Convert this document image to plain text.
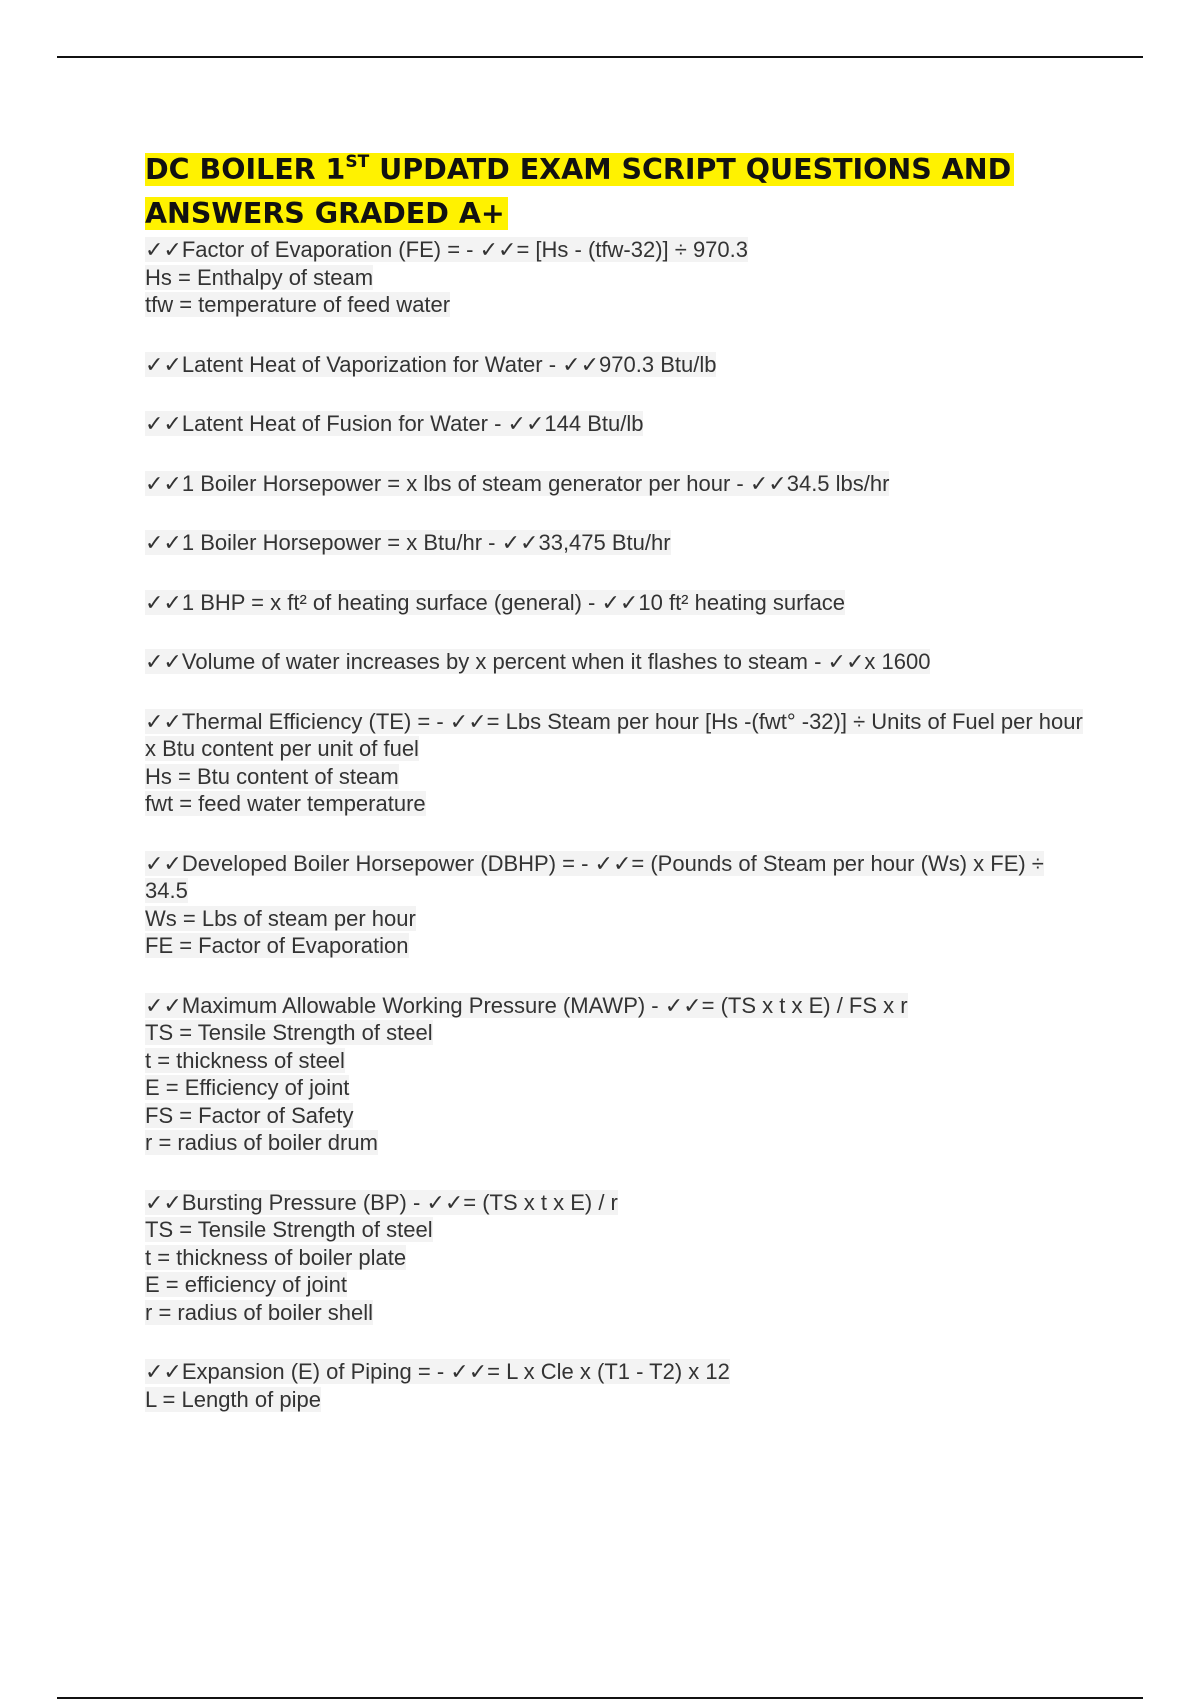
DC BOILER 1ST UPDATD EXAM SCRIPT QUESTIONS AND ANSWERS GRADED A+
✓✓Factor of Evaporation (FE) = - ✓✓= [Hs - (tfw-32)] ÷ 970.3
Hs = Enthalpy of steam
tfw = temperature of feed water
✓✓Latent Heat of Vaporization for Water - ✓✓970.3 Btu/lb
✓✓Latent Heat of Fusion for Water - ✓✓144 Btu/lb
✓✓1 Boiler Horsepower = x lbs of steam generator per hour - ✓✓34.5 lbs/hr
✓✓1 Boiler Horsepower = x Btu/hr - ✓✓33,475 Btu/hr
✓✓1 BHP = x ft² of heating surface (general) - ✓✓10 ft² heating surface
✓✓Volume of water increases by x percent when it flashes to steam - ✓✓x 1600
✓✓Thermal Efficiency (TE) = - ✓✓= Lbs Steam per hour [Hs -(fwt° -32)] ÷ Units of Fuel per hour x Btu content per unit of fuel
Hs = Btu content of steam
fwt = feed water temperature
✓✓Developed Boiler Horsepower (DBHP) = - ✓✓= (Pounds of Steam per hour (Ws) x FE) ÷ 34.5
Ws = Lbs of steam per hour
FE = Factor of Evaporation
✓✓Maximum Allowable Working Pressure (MAWP) - ✓✓= (TS x t x E) / FS x r
TS = Tensile Strength of steel
t = thickness of steel
E = Efficiency of joint
FS = Factor of Safety
r = radius of boiler drum
✓✓Bursting Pressure (BP) - ✓✓= (TS x t x E) / r
TS = Tensile Strength of steel
t = thickness of boiler plate
E = efficiency of joint
r = radius of boiler shell
✓✓Expansion (E) of Piping = - ✓✓= L x Cle x (T1 - T2) x 12
L = Length of pipe
